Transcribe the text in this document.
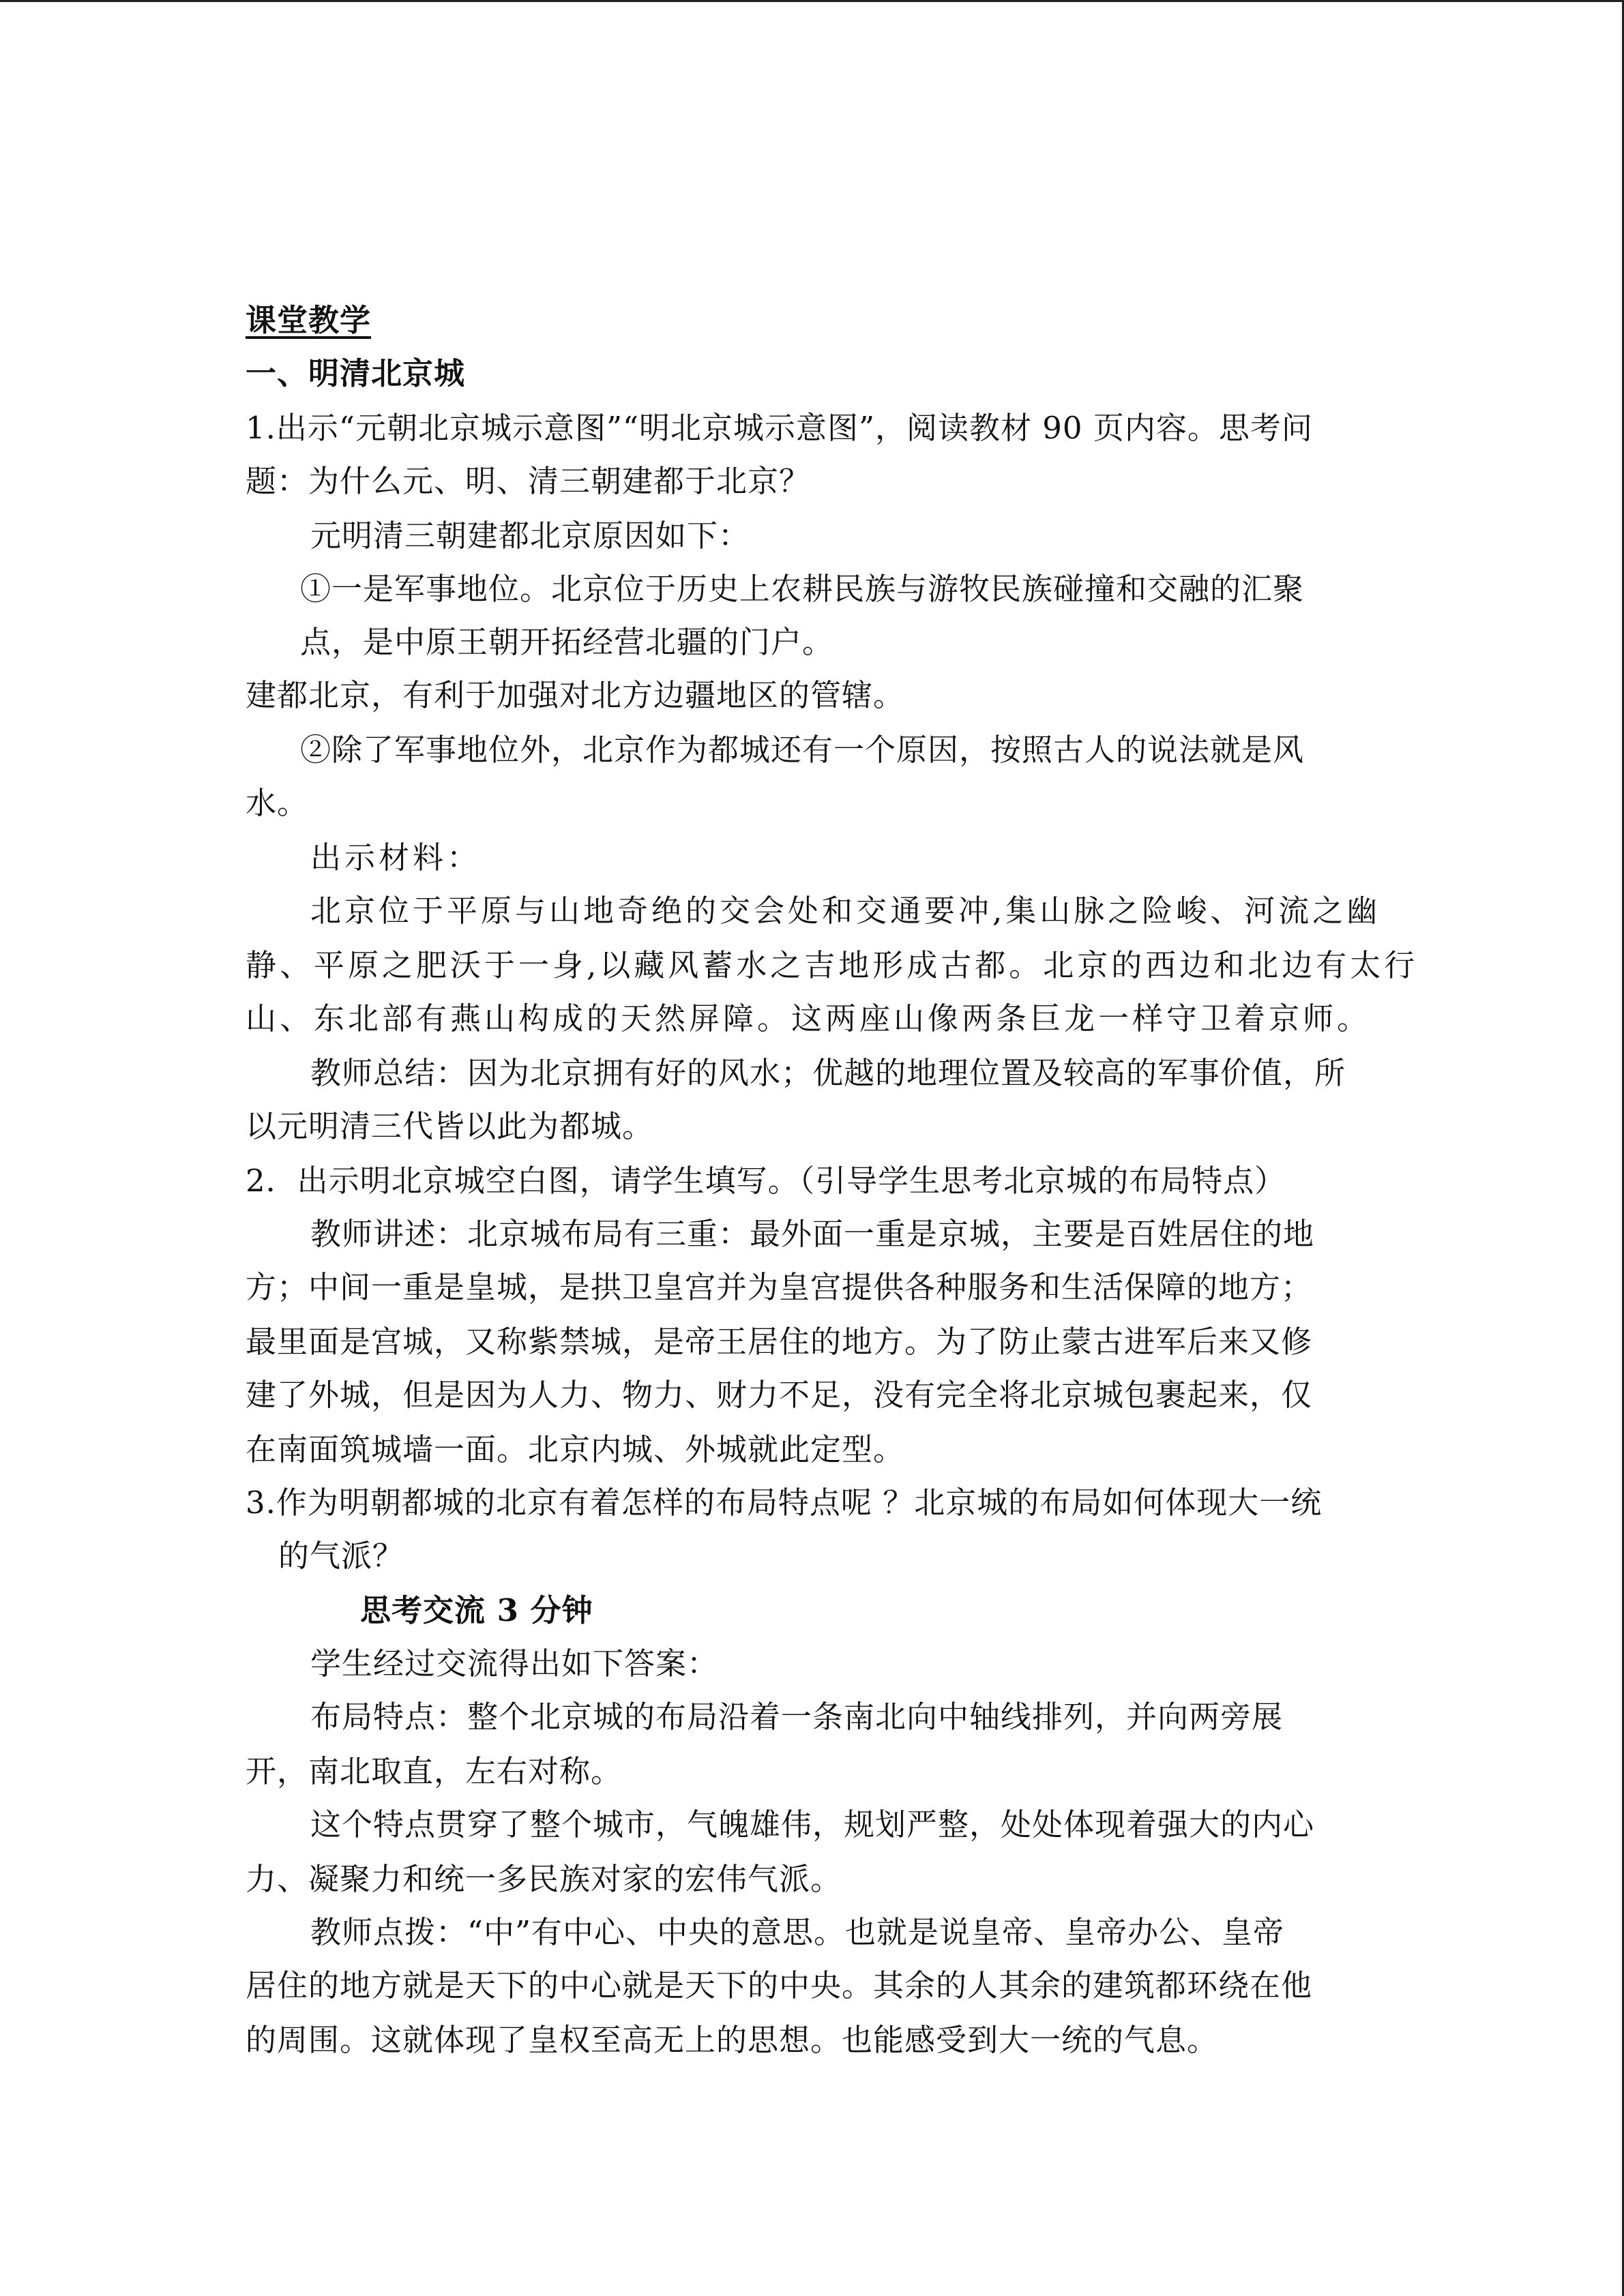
课堂教学
一、明清北京城
1.出示“元朝北京城示意图”“明北京城示意图”，阅读教材 90 页内容。思考问
题：为什么元、明、清三朝建都于北京？
元明清三朝建都北京原因如下：
①一是军事地位。北京位于历史上农耕民族与游牧民族碰撞和交融的汇聚
点，是中原王朝开拓经营北疆的门户。
建都北京，有利于加强对北方边疆地区的管辖。
②除了军事地位外，北京作为都城还有一个原因，按照古人的说法就是风
水。
出示材料：
北京位于平原与山地奇绝的交会处和交通要冲,集山脉之险峻、河流之幽
静、平原之肥沃于一身,以藏风蓄水之吉地形成古都。北京的西边和北边有太行
山、东北部有燕山构成的天然屏障。这两座山像两条巨龙一样守卫着京师。
教师总结：因为北京拥有好的风水；优越的地理位置及较高的军事价值，所
以元明清三代皆以此为都城。
2．出示明北京城空白图，请学生填写。（引导学生思考北京城的布局特点）
教师讲述：北京城布局有三重：最外面一重是京城，主要是百姓居住的地
方；中间一重是皇城，是拱卫皇宫并为皇宫提供各种服务和生活保障的地方；
最里面是宫城，又称紫禁城，是帝王居住的地方。为了防止蒙古进军后来又修
建了外城，但是因为人力、物力、财力不足，没有完全将北京城包裹起来，仅
在南面筑城墙一面。北京内城、外城就此定型。
3.作为明朝都城的北京有着怎样的布局特点呢 ？北京城的布局如何体现大一统
的气派？
思考交流 3 分钟
学生经过交流得出如下答案：
布局特点：整个北京城的布局沿着一条南北向中轴线排列，并向两旁展
开，南北取直，左右对称。
这个特点贯穿了整个城市，气魄雄伟，规划严整，处处体现着强大的内心
力、凝聚力和统一多民族对家的宏伟气派。
教师点拨：“中”有中心、中央的意思。也就是说皇帝、皇帝办公、皇帝
居住的地方就是天下的中心就是天下的中央。其余的人其余的建筑都环绕在他
的周围。这就体现了皇权至高无上的思想。也能感受到大一统的气息。
